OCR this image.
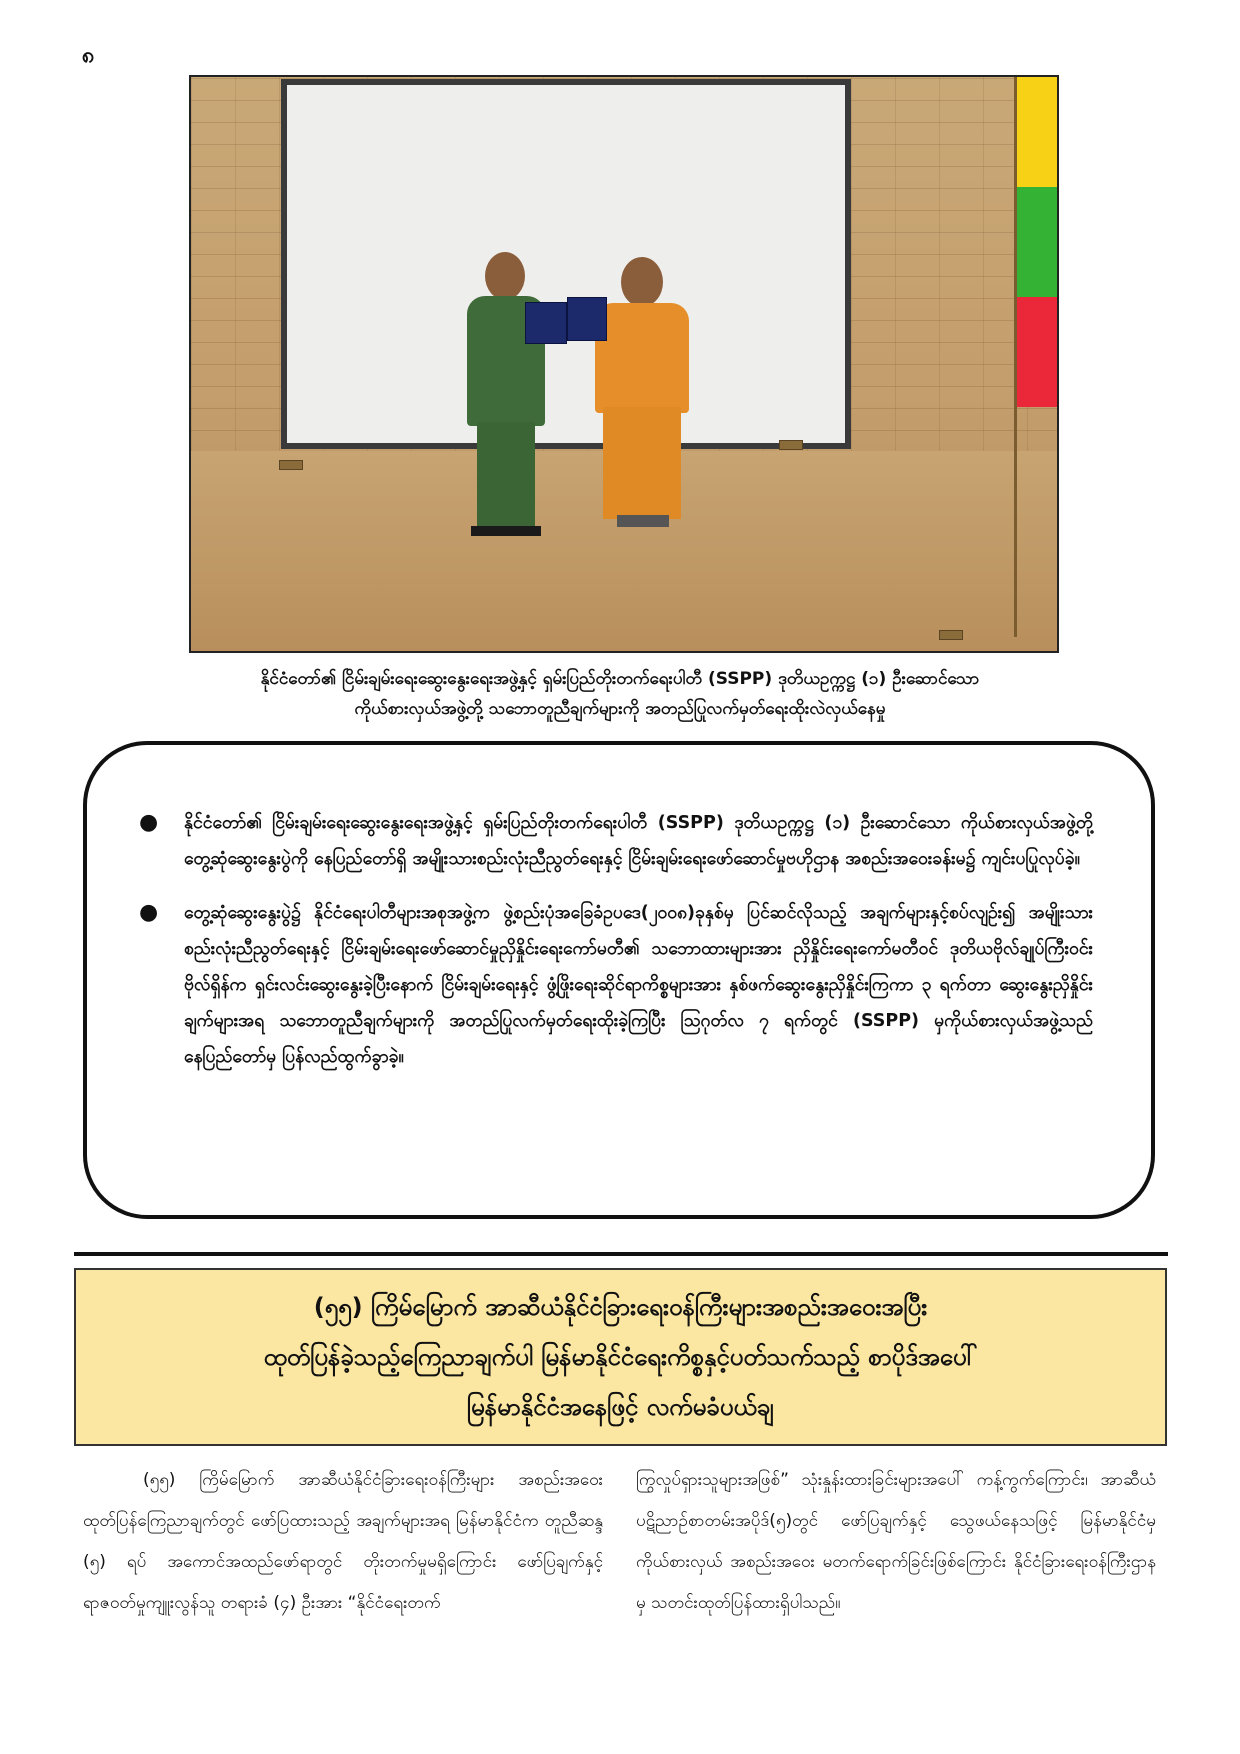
၈
နိုင်ငံတော်၏ ငြိမ်းချမ်းရေးဆွေးနွေးရေးအဖွဲ့နှင့် ရှမ်းပြည်တိုးတက်ရေးပါတီ (SSPP) ဒုတိယဥက္ကဋ္ဌ (၁) ဦးဆောင်သော
ကိုယ်စားလှယ်အဖွဲ့တို့ သဘောတူညီချက်များကို အတည်ပြုလက်မှတ်ရေးထိုးလဲလှယ်နေမှု
●	နိုင်ငံတော်၏ ငြိမ်းချမ်းရေးဆွေးနွေးရေးအဖွဲ့နှင့် ရှမ်းပြည်တိုးတက်ရေးပါတီ (SSPP) ဒုတိယဥက္ကဋ္ဌ (၁) ဦးဆောင်သော ကိုယ်စားလှယ်အဖွဲ့တို့ တွေ့ဆုံဆွေးနွေးပွဲကို နေပြည်တော်ရှိ အမျိုးသားစည်းလုံးညီညွတ်ရေးနှင့် ငြိမ်းချမ်းရေးဖော်ဆောင်မှုဗဟိုဌာန အစည်းအဝေးခန်းမ၌ ကျင်းပပြုလုပ်ခဲ့။
●	တွေ့ဆုံဆွေးနွေးပွဲ၌ နိုင်ငံရေးပါတီများအစုအဖွဲ့က ဖွဲ့စည်းပုံအခြေခံဥပဒေ(၂၀၀၈)ခုနှစ်မှ ပြင်ဆင်လိုသည့် အချက်များနှင့်စပ်လျဉ်း၍ အမျိုးသားစည်းလုံးညီညွတ်ရေးနှင့် ငြိမ်းချမ်းရေးဖော်ဆောင်မှုညှိနှိုင်းရေးကော်မတီ၏ သဘောထားများအား ညှိနှိုင်းရေးကော်မတီဝင် ဒုတိယဗိုလ်ချုပ်ကြီးဝင်းဗိုလ်ရှိန်က ရှင်းလင်းဆွေးနွေးခဲ့ပြီးနောက် ငြိမ်းချမ်းရေးနှင့် ဖွံ့ဖြိုးရေးဆိုင်ရာကိစ္စများအား နှစ်ဖက်ဆွေးနွေးညှိနှိုင်းကြကာ ၃ ရက်တာ ဆွေးနွေးညှိနှိုင်းချက်များအရ သဘောတူညီချက်များကို အတည်ပြုလက်မှတ်ရေးထိုးခဲ့ကြပြီး ဩဂုတ်လ ၇ ရက်တွင် (SSPP) မှကိုယ်စားလှယ်အဖွဲ့သည် နေပြည်တော်မှ ပြန်လည်ထွက်ခွာခဲ့။
(၅၅) ကြိမ်မြောက် အာဆီယံနိုင်ငံခြားရေးဝန်ကြီးများအစည်းအဝေးအပြီး
ထုတ်ပြန်ခဲ့သည့်ကြေညာချက်ပါ မြန်မာနိုင်ငံရေးကိစ္စနှင့်ပတ်သက်သည့် စာပိုဒ်အပေါ်
မြန်မာနိုင်ငံအနေဖြင့် လက်မခံပယ်ချ
(၅၅) ကြိမ်မြောက် အာဆီယံနိုင်ငံခြားရေးဝန်ကြီးများ အစည်းအဝေး ထုတ်ပြန်ကြေညာချက်တွင် ဖော်ပြထားသည့် အချက်များအရ မြန်မာနိုင်ငံက တူညီဆန္ဒ (၅) ရပ် အကောင်အထည်ဖော်ရာတွင် တိုးတက်မှုမရှိကြောင်း ဖော်ပြချက်နှင့် ရာဇဝတ်မှုကျူးလွန်သူ တရားခံ (၄) ဦးအား “နိုင်ငံရေးတက်
ကြွလှုပ်ရှားသူများအဖြစ်” သုံးနှုန်းထားခြင်းများအပေါ် ကန့်ကွက်ကြောင်း၊ အာဆီယံပဋိညာဉ်စာတမ်းအပိုဒ်(၅)တွင် ဖော်ပြချက်နှင့် သွေဖယ်နေသဖြင့် မြန်မာနိုင်ငံမှ ကိုယ်စားလှယ် အစည်းအဝေး မတက်ရောက်ခြင်းဖြစ်ကြောင်း နိုင်ငံခြားရေးဝန်ကြီးဌာနမှ သတင်းထုတ်ပြန်ထားရှိပါသည်။
